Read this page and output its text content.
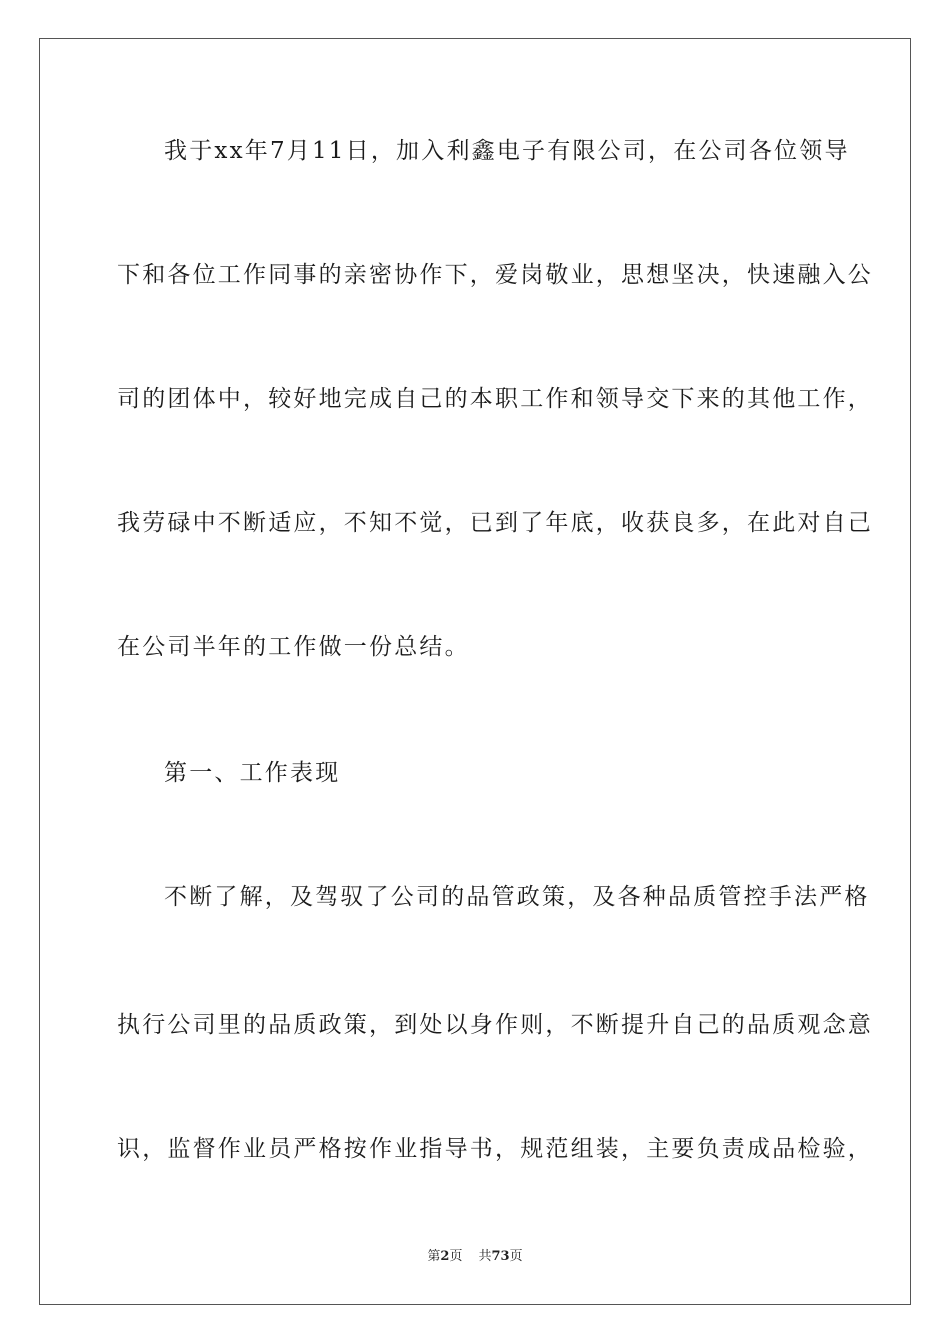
我于xx年7月11日，加入利鑫电子有限公司，在公司各位领导
下和各位工作同事的亲密协作下，爱岗敬业，思想坚决，快速融入公
司的团体中，较好地完成自己的本职工作和领导交下来的其他工作，
我劳碌中不断适应，不知不觉，已到了年底，收获良多，在此对自己
在公司半年的工作做一份总结。
第一、工作表现
不断了解，及驾驭了公司的品管政策，及各种品质管控手法严格
执行公司里的品质政策，到处以身作则，不断提升自己的品质观念意
识，监督作业员严格按作业指导书，规范组装，主要负责成品检验，
第2页 共73页
